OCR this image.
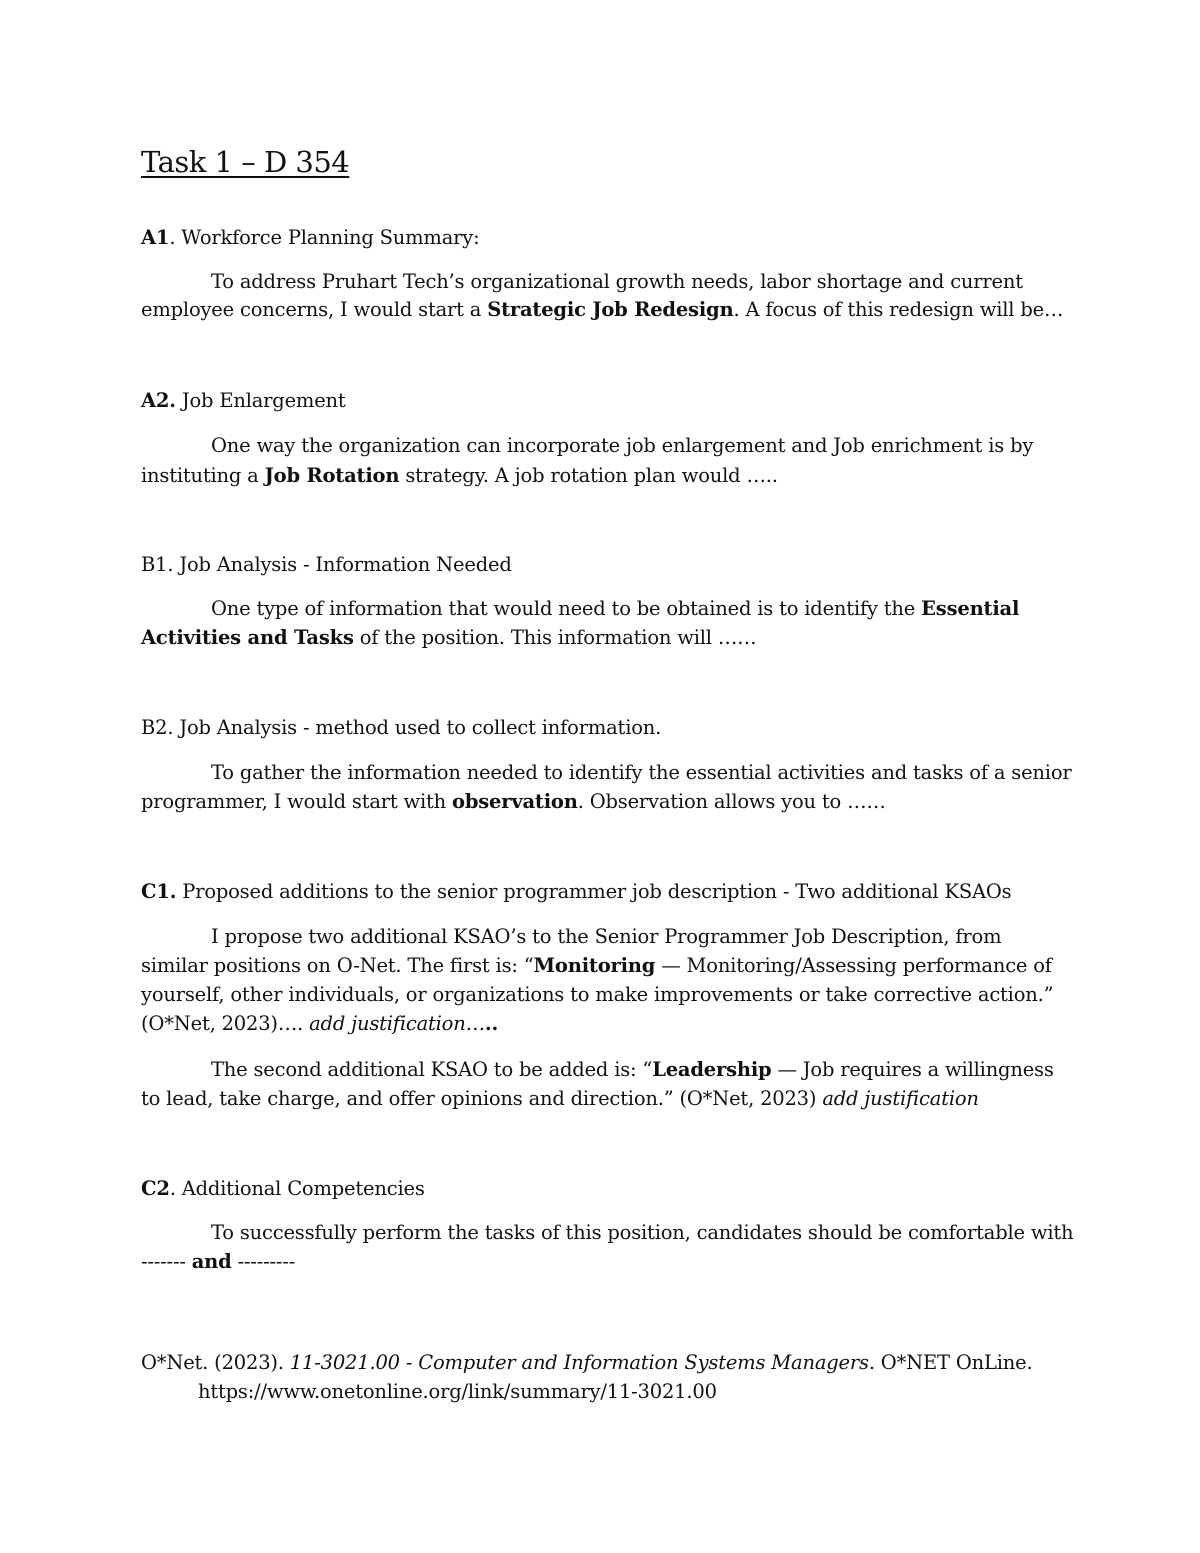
Task 1 – D 354
A1. Workforce Planning Summary:
To address Pruhart Tech’s organizational growth needs, labor shortage and current
employee concerns, I would start a Strategic Job Redesign. A focus of this redesign will be…
A2. Job Enlargement
One way the organization can incorporate job enlargement and Job enrichment is by
instituting a Job Rotation strategy. A job rotation plan would …..
B1. Job Analysis - Information Needed
One type of information that would need to be obtained is to identify the Essential
Activities and Tasks of the position. This information will ……
B2. Job Analysis - method used to collect information.
To gather the information needed to identify the essential activities and tasks of a senior
programmer, I would start with observation. Observation allows you to ……
C1. Proposed additions to the senior programmer job description - Two additional KSAOs
I propose two additional KSAO’s to the Senior Programmer Job Description, from
similar positions on O-Net. The first is: “Monitoring — Monitoring/Assessing performance of
yourself, other individuals, or organizations to make improvements or take corrective action.”
(O*Net, 2023)…. add justification…..
The second additional KSAO to be added is: “Leadership — Job requires a willingness
to lead, take charge, and offer opinions and direction.” (O*Net, 2023) add justification
C2. Additional Competencies
To successfully perform the tasks of this position, candidates should be comfortable with
------- and ---------
O*Net. (2023). 11-3021.00 - Computer and Information Systems Managers. O*NET OnLine.
https://www.onetonline.org/link/summary/11-3021.00
